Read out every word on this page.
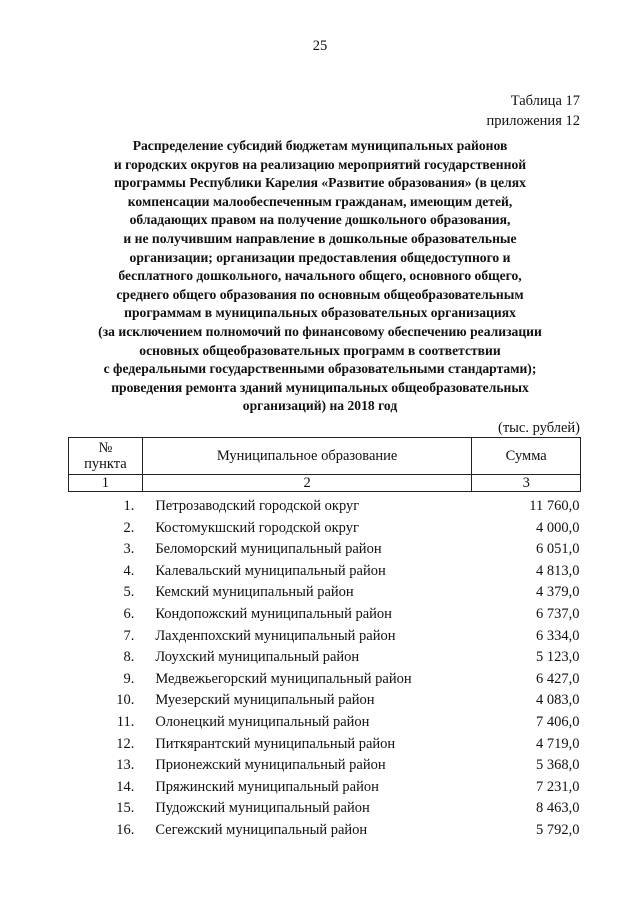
25
Таблица 17
приложения 12
Распределение субсидий бюджетам муниципальных районов
и городских округов на реализацию мероприятий государственной
программы Республики Карелия «Развитие образования» (в целях
компенсации малообеспеченным гражданам, имеющим детей,
обладающих правом на получение дошкольного образования,
и не получившим направление в дошкольные образовательные
организации; организации предоставления общедоступного и
бесплатного дошкольного, начального общего, основного общего,
среднего общего образования по основным общеобразовательным
программам в муниципальных образовательных организациях
(за исключением полномочий по финансовому обеспечению реализации
основных общеобразовательных программ в соответствии
с федеральными государственными образовательными стандартами);
проведения ремонта зданий муниципальных общеобразовательных
организаций) на 2018 год
(тыс. рублей)
№
пункта	Муниципальное образование	Сумма
1	2	3
1.	Петрозаводский городской округ	11 760,0
2.	Костомукшский городской округ	4 000,0
3.	Беломорский муниципальный район	6 051,0
4.	Калевальский муниципальный район	4 813,0
5.	Кемский муниципальный район	4 379,0
6.	Кондопожский муниципальный район	6 737,0
7.	Лахденпохский муниципальный район	6 334,0
8.	Лоухский муниципальный район	5 123,0
9.	Медвежьегорский муниципальный район	6 427,0
10.	Муезерский муниципальный район	4 083,0
11.	Олонецкий муниципальный район	7 406,0
12.	Питкярантский муниципальный район	4 719,0
13.	Прионежский муниципальный район	5 368,0
14.	Пряжинский муниципальный район	7 231,0
15.	Пудожский муниципальный район	8 463,0
16.	Сегежский муниципальный район	5 792,0
